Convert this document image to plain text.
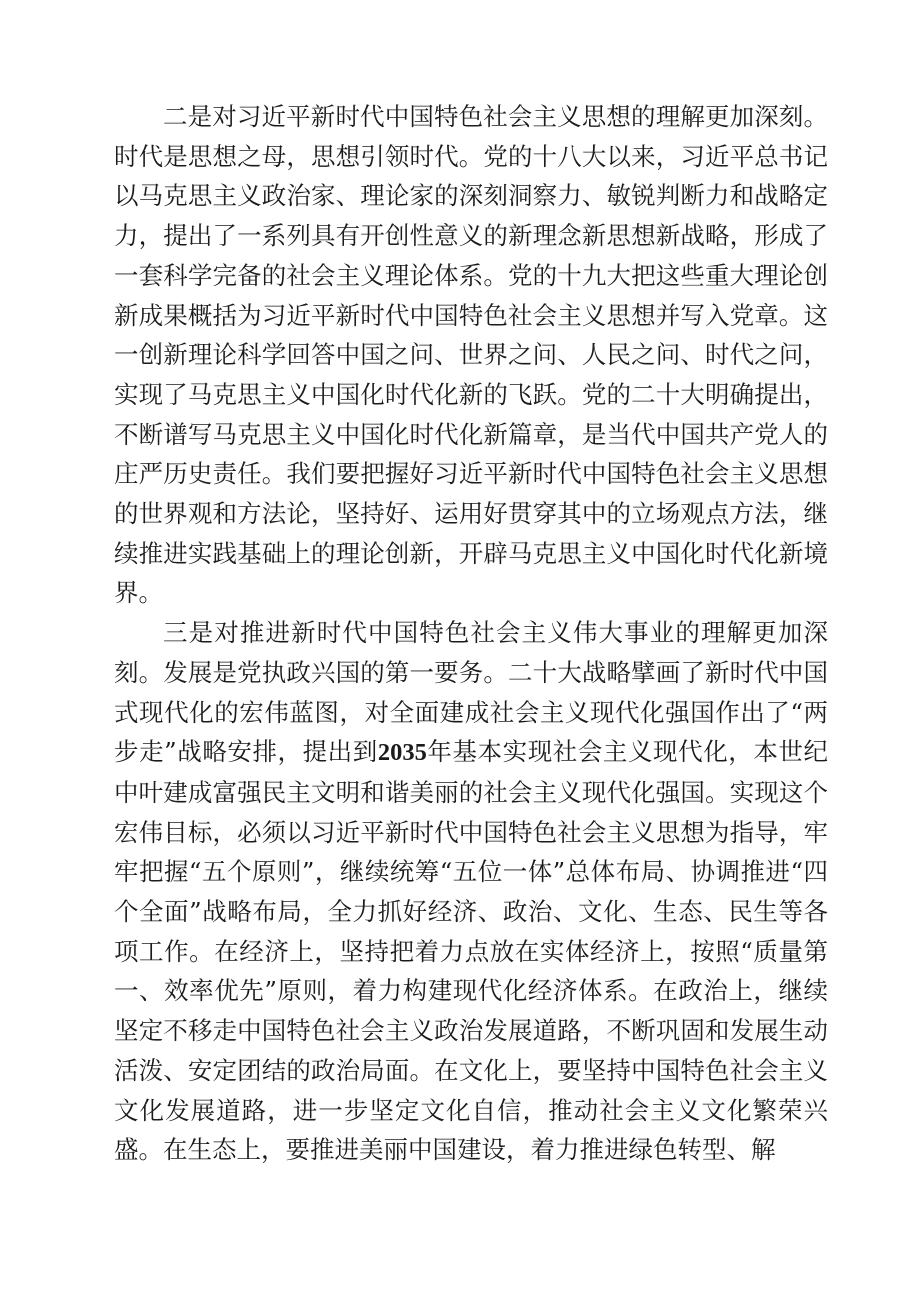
二是对习近平新时代中国特色社会主义思想的理解更加深刻。时代是思想之母，思想引领时代。党的十八大以来，习近平总书记以马克思主义政治家、理论家的深刻洞察力、敏锐判断力和战略定力，提出了一系列具有开创性意义的新理念新思想新战略，形成了一套科学完备的社会主义理论体系。党的十九大把这些重大理论创新成果概括为习近平新时代中国特色社会主义思想并写入党章。这一创新理论科学回答中国之问、世界之问、人民之问、时代之问，实现了马克思主义中国化时代化新的飞跃。党的二十大明确提出，不断谱写马克思主义中国化时代化新篇章，是当代中国共产党人的庄严历史责任。我们要把握好习近平新时代中国特色社会主义思想的世界观和方法论，坚持好、运用好贯穿其中的立场观点方法，继续推进实践基础上的理论创新，开辟马克思主义中国化时代化新境界。

三是对推进新时代中国特色社会主义伟大事业的理解更加深刻。发展是党执政兴国的第一要务。二十大战略擘画了新时代中国式现代化的宏伟蓝图，对全面建成社会主义现代化强国作出了“两步走”战略安排，提出到2035年基本实现社会主义现代化，本世纪中叶建成富强民主文明和谐美丽的社会主义现代化强国。实现这个宏伟目标，必须以习近平新时代中国特色社会主义思想为指导，牢牢把握“五个原则”，继续统筹“五位一体”总体布局、协调推进“四个全面”战略布局，全力抓好经济、政治、文化、生态、民生等各项工作。在经济上，坚持把着力点放在实体经济上，按照“质量第一、效率优先”原则，着力构建现代化经济体系。在政治上，继续坚定不移走中国特色社会主义政治发展道路，不断巩固和发展生动活泼、安定团结的政治局面。在文化上，要坚持中国特色社会主义文化发展道路，进一步坚定文化自信，推动社会主义文化繁荣兴盛。在生态上，要推进美丽中国建设，着力推进绿色转型、解
